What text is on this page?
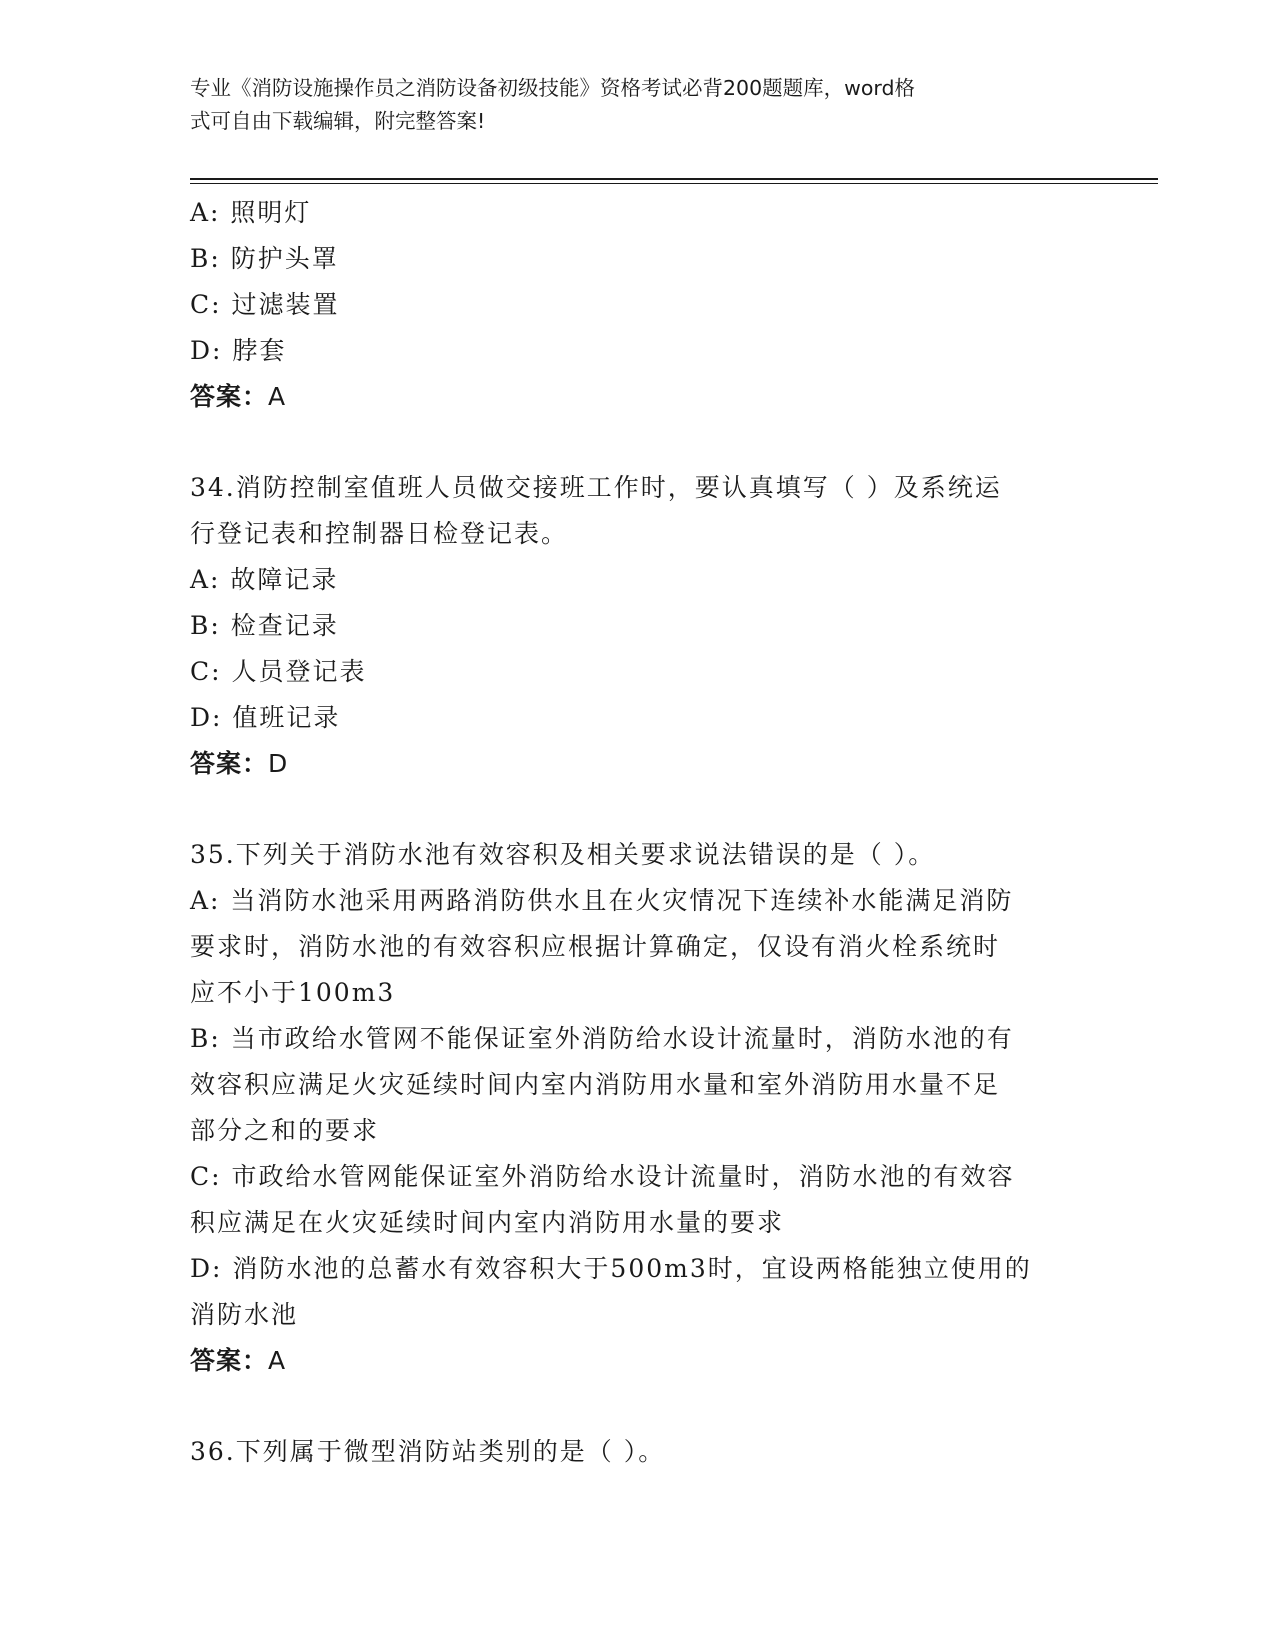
专业《消防设施操作员之消防设备初级技能》资格考试必背200题题库，word格
式可自由下载编辑，附完整答案!
A: 照明灯
B: 防护头罩
C: 过滤装置
D: 脖套
答案：A
34.消防控制室值班人员做交接班工作时，要认真填写（ ）及系统运
行登记表和控制器日检登记表。
A: 故障记录
B: 检查记录
C: 人员登记表
D: 值班记录
答案：D
35.下列关于消防水池有效容积及相关要求说法错误的是（ ）。
A: 当消防水池采用两路消防供水且在火灾情况下连续补水能满足消防
要求时，消防水池的有效容积应根据计算确定，仅设有消火栓系统时
应不小于100m3
B: 当市政给水管网不能保证室外消防给水设计流量时，消防水池的有
效容积应满足火灾延续时间内室内消防用水量和室外消防用水量不足
部分之和的要求
C: 市政给水管网能保证室外消防给水设计流量时，消防水池的有效容
积应满足在火灾延续时间内室内消防用水量的要求
D: 消防水池的总蓄水有效容积大于500m3时，宜设两格能独立使用的
消防水池
答案：A
36.下列属于微型消防站类别的是（ ）。
